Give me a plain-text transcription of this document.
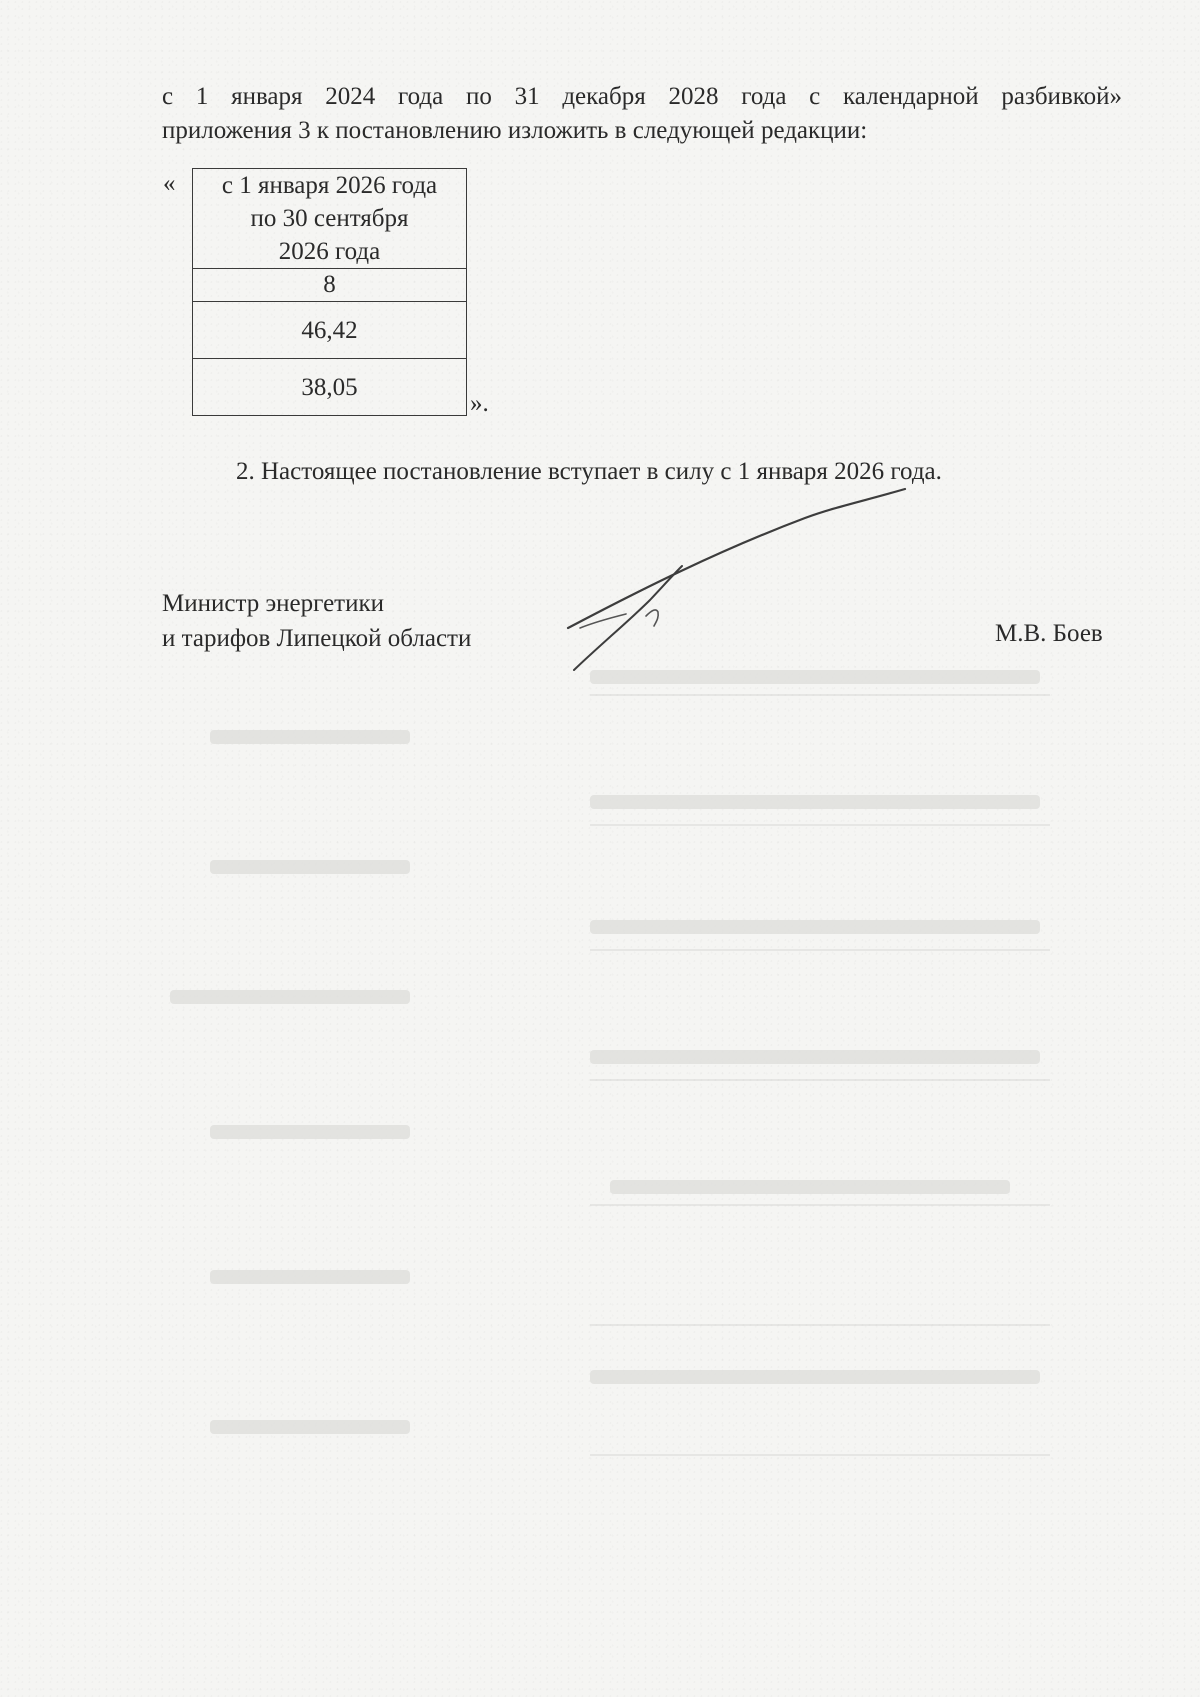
с 1 января 2024 года по 31 декабря 2028 года с календарной разбивкой»
приложения 3 к постановлению изложить в следующей редакции:
«	с 1 января 2026 года
по 30 сентября
2026 года

8
46,42
38,05
».
2. Настоящее постановление вступает в силу с 1 января 2026 года.
Министр энергетики
и тарифов Липецкой области	М.В. Боев
